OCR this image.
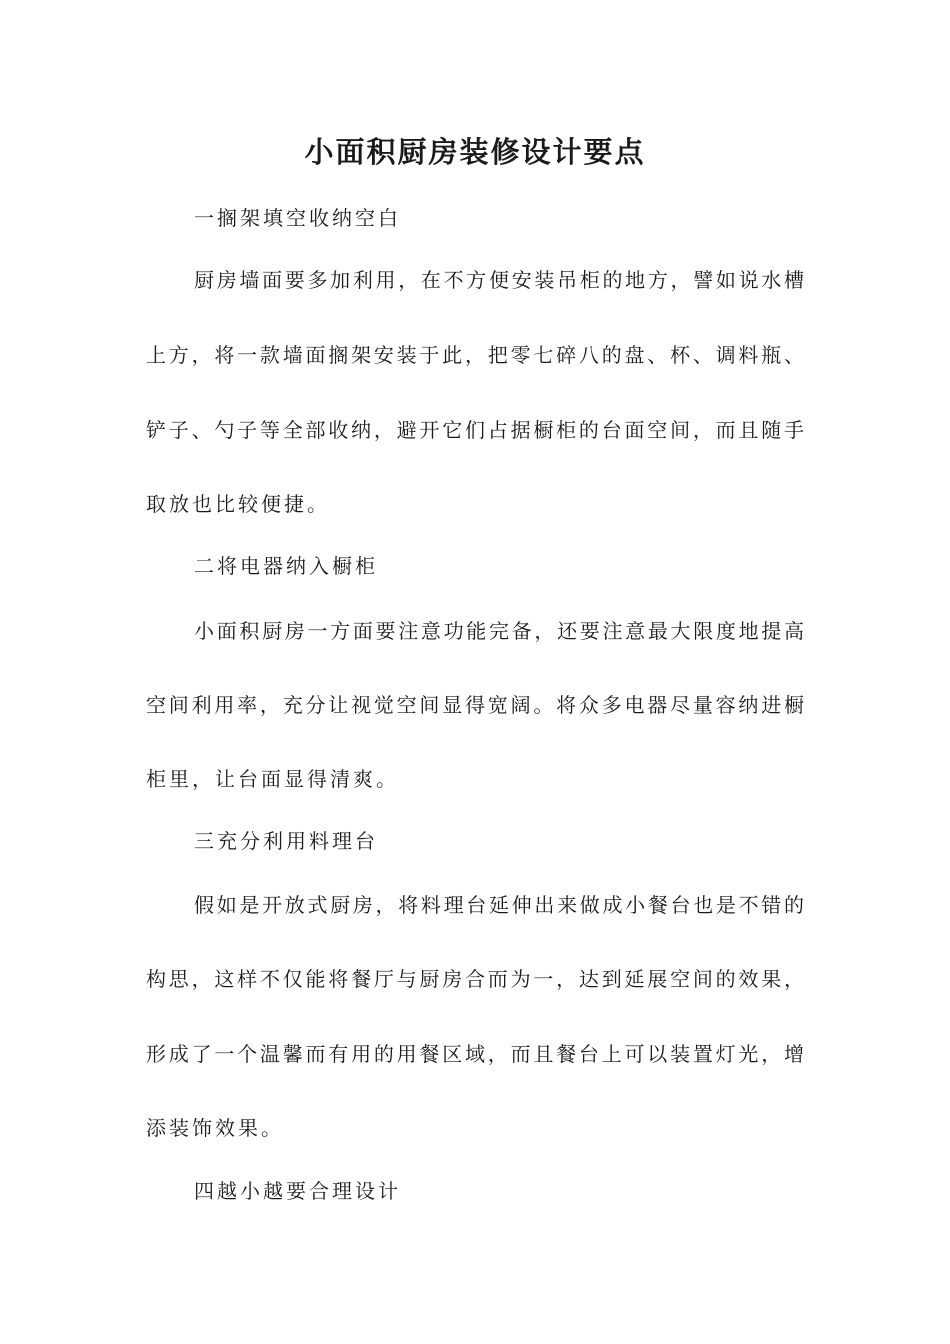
小面积厨房装修设计要点

一搁架填空收纳空白

厨房墙面要多加利用，在不方便安装吊柜的地方，譬如说水槽

上方，将一款墙面搁架安装于此，把零七碎八的盘、杯、调料瓶、

铲子、勺子等全部收纳，避开它们占据橱柜的台面空间，而且随手

取放也比较便捷。

二将电器纳入橱柜

小面积厨房一方面要注意功能完备，还要注意最大限度地提高

空间利用率，充分让视觉空间显得宽阔。将众多电器尽量容纳进橱

柜里，让台面显得清爽。

三充分利用料理台

假如是开放式厨房，将料理台延伸出来做成小餐台也是不错的

构思，这样不仅能将餐厅与厨房合而为一，达到延展空间的效果，

形成了一个温馨而有用的用餐区域，而且餐台上可以装置灯光，增

添装饰效果。

四越小越要合理设计
